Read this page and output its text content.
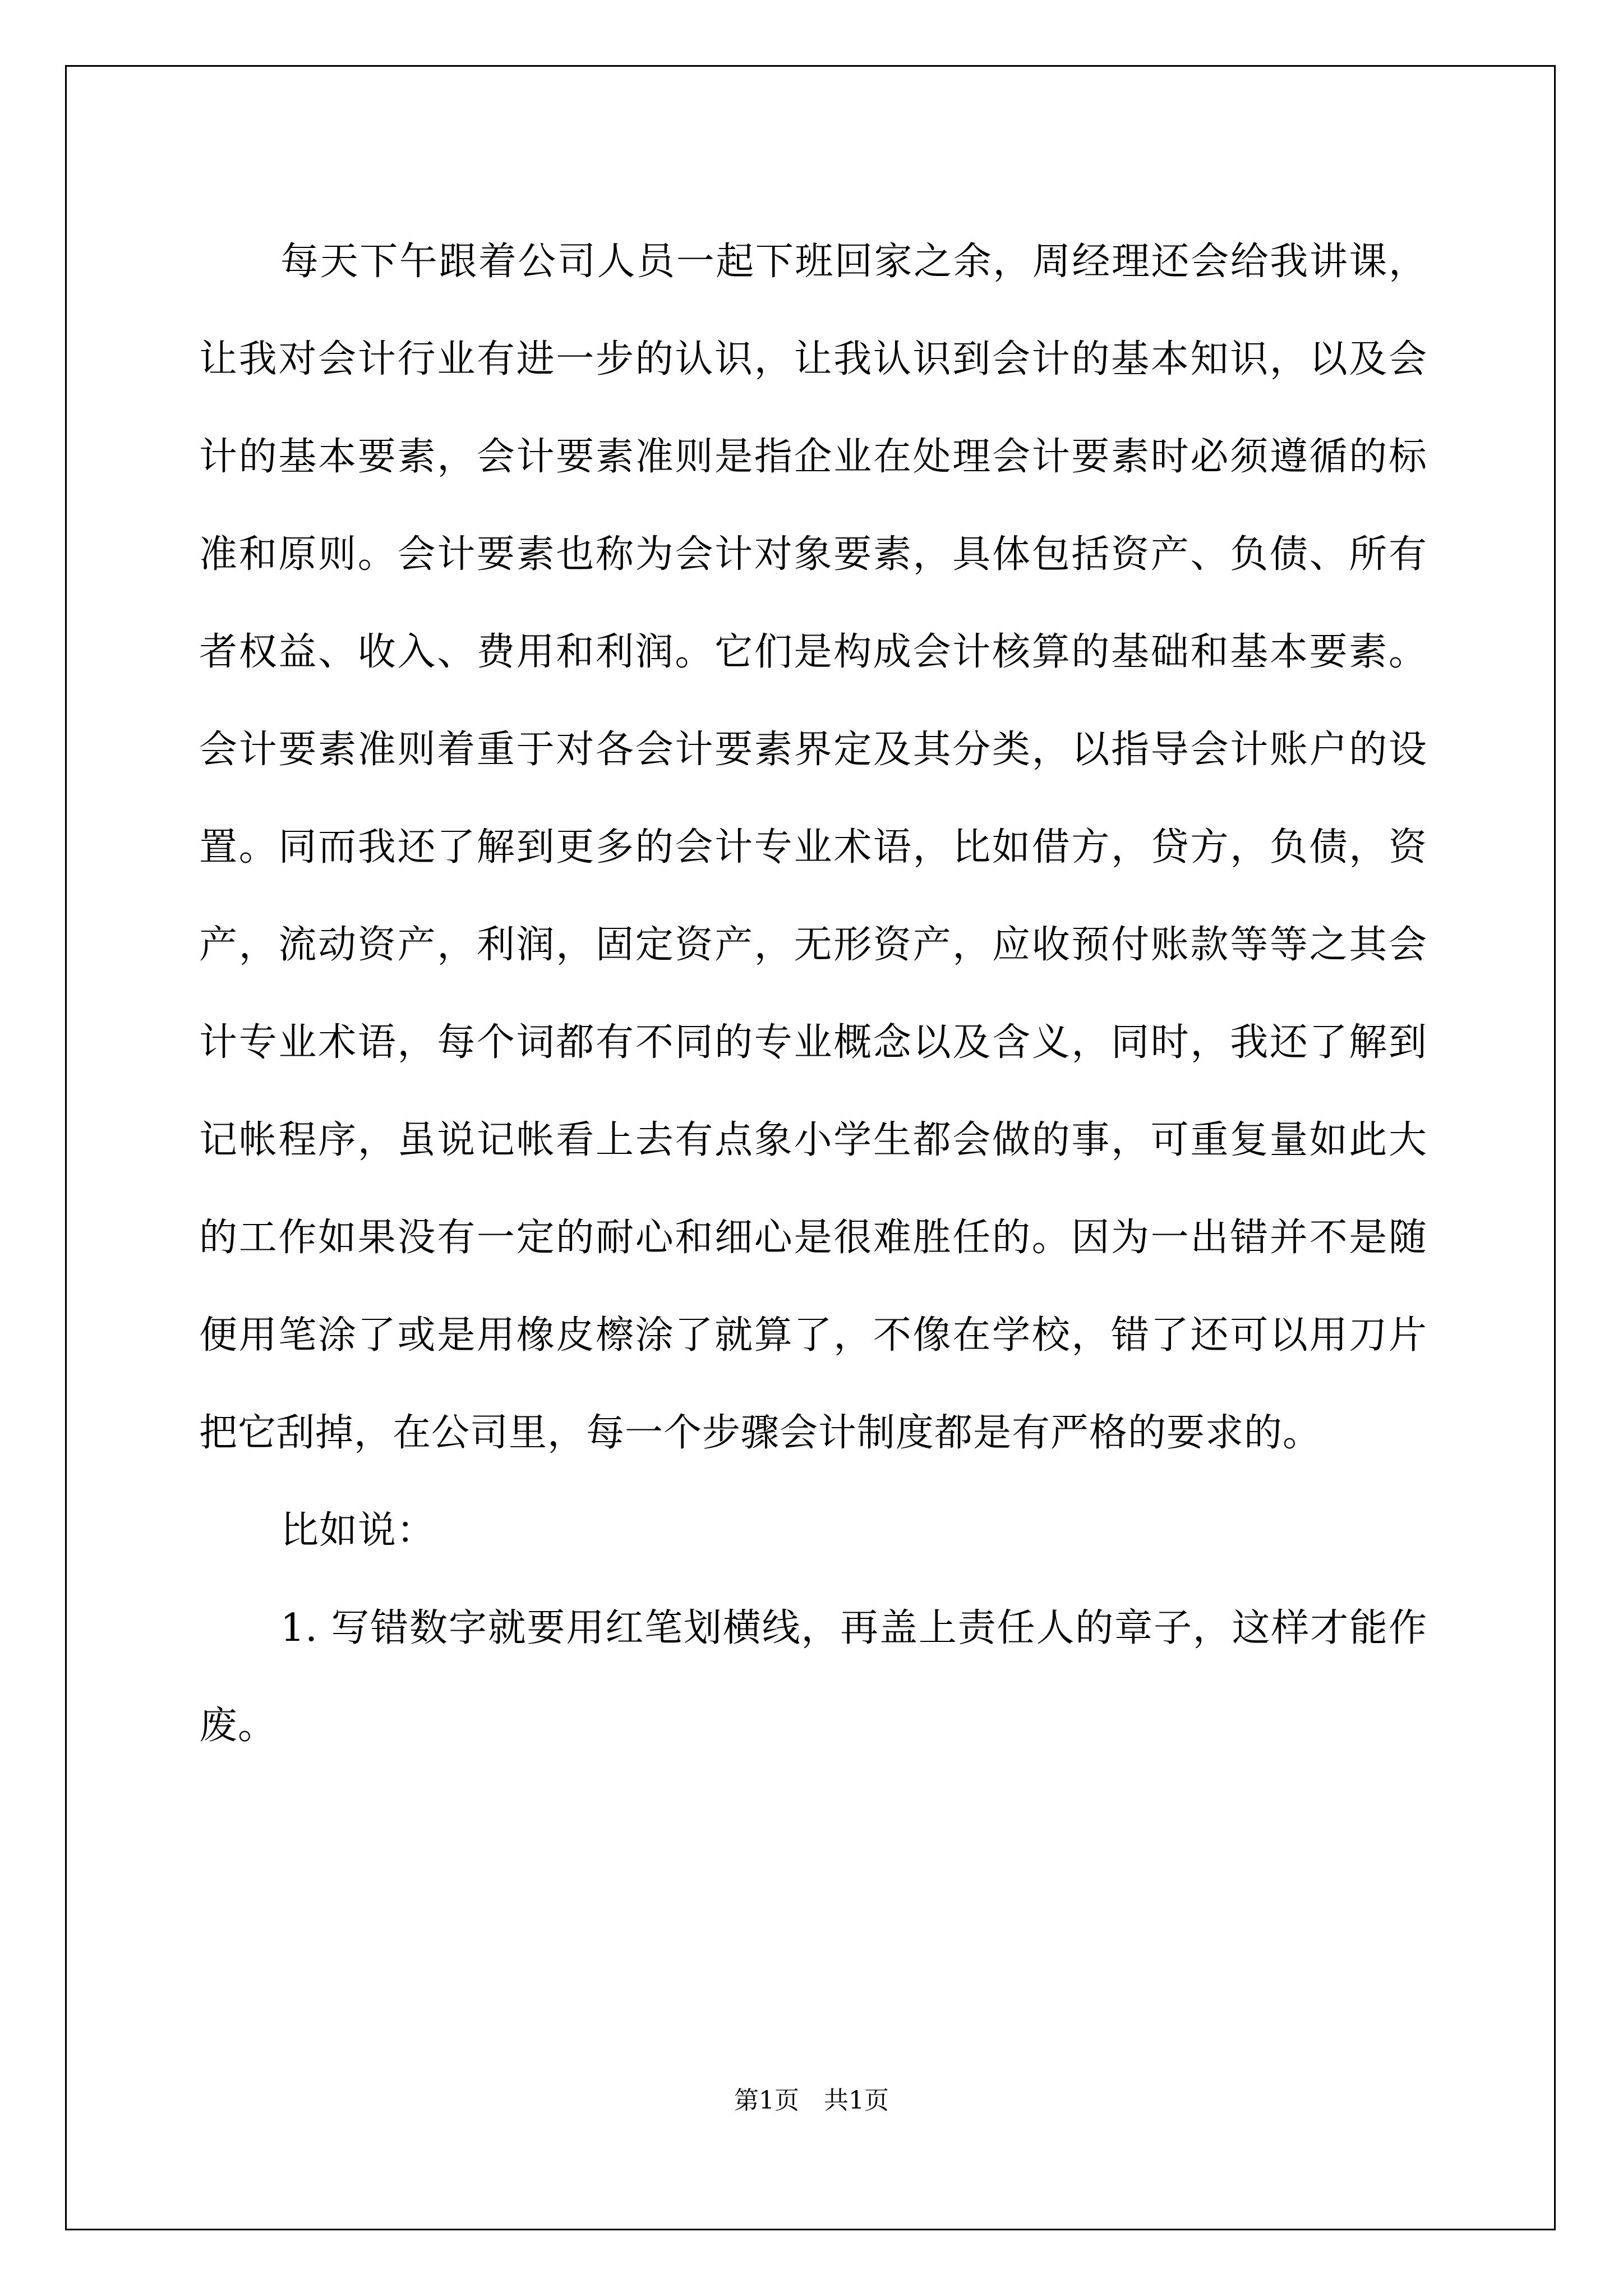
每天下午跟着公司人员一起下班回家之余，周经理还会给我讲课，让我对会计行业有进一步的认识，让我认识到会计的基本知识，以及会计的基本要素，会计要素准则是指企业在处理会计要素时必须遵循的标准和原则。会计要素也称为会计对象要素，具体包括资产、负债、所有者权益、收入、费用和利润。它们是构成会计核算的基础和基本要素。会计要素准则着重于对各会计要素界定及其分类，以指导会计账户的设置。同而我还了解到更多的会计专业术语，比如借方，贷方，负债，资产，流动资产，利润，固定资产，无形资产，应收预付账款等等之其会计专业术语，每个词都有不同的专业概念以及含义，同时，我还了解到记帐程序，虽说记帐看上去有点象小学生都会做的事，可重复量如此大的工作如果没有一定的耐心和细心是很难胜任的。因为一出错并不是随便用笔涂了或是用橡皮檫涂了就算了，不像在学校，错了还可以用刀片把它刮掉，在公司里，每一个步骤会计制度都是有严格的要求的。

比如说：

1. 写错数字就要用红笔划横线，再盖上责任人的章子，这样才能作废。

第1页　共1页
